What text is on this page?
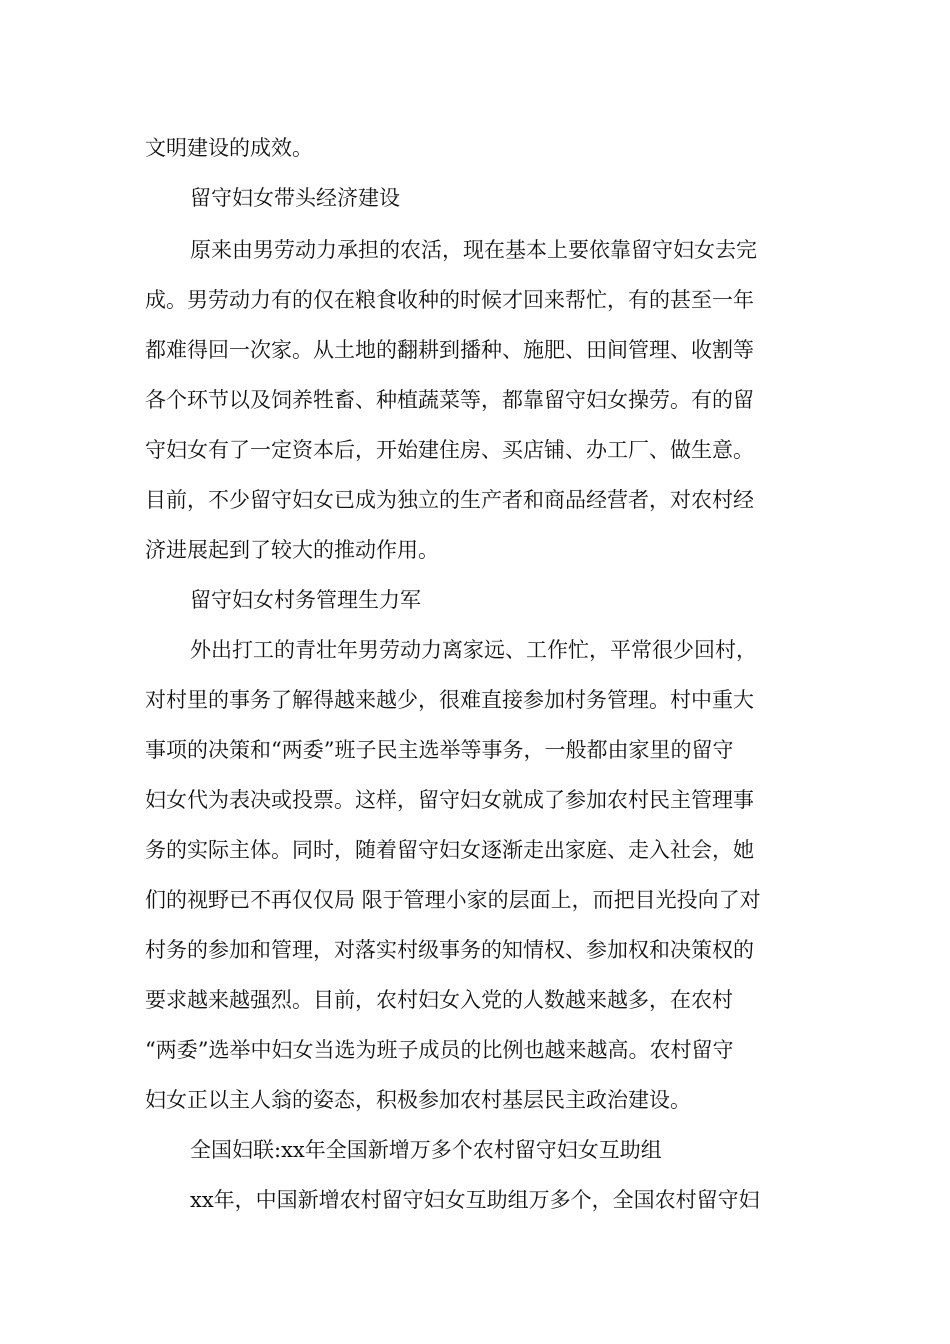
文明建设的成效。
留守妇女带头经济建设
原来由男劳动力承担的农活，现在基本上要依靠留守妇女去完
成。男劳动力有的仅在粮食收种的时候才回来帮忙，有的甚至一年
都难得回一次家。从土地的翻耕到播种、施肥、田间管理、收割等
各个环节以及饲养牲畜、种植蔬菜等，都靠留守妇女操劳。有的留
守妇女有了一定资本后，开始建住房、买店铺、办工厂、做生意。
目前，不少留守妇女已成为独立的生产者和商品经营者，对农村经
济进展起到了较大的推动作用。
留守妇女村务管理生力军
外出打工的青壮年男劳动力离家远、工作忙，平常很少回村，
对村里的事务了解得越来越少，很难直接参加村务管理。村中重大
事项的决策和“两委”班子民主选举等事务，一般都由家里的留守
妇女代为表决或投票。这样，留守妇女就成了参加农村民主管理事
务的实际主体。同时，随着留守妇女逐渐走出家庭、走入社会，她
们的视野已不再仅仅局 限于管理小家的层面上，而把目光投向了对
村务的参加和管理，对落实村级事务的知情权、参加权和决策权的
要求越来越强烈。目前，农村妇女入党的人数越来越多，在农村
“两委”选举中妇女当选为班子成员的比例也越来越高。农村留守
妇女正以主人翁的姿态，积极参加农村基层民主政治建设。
全国妇联:xx年全国新增万多个农村留守妇女互助组
xx年，中国新增农村留守妇女互助组万多个，全国农村留守妇
